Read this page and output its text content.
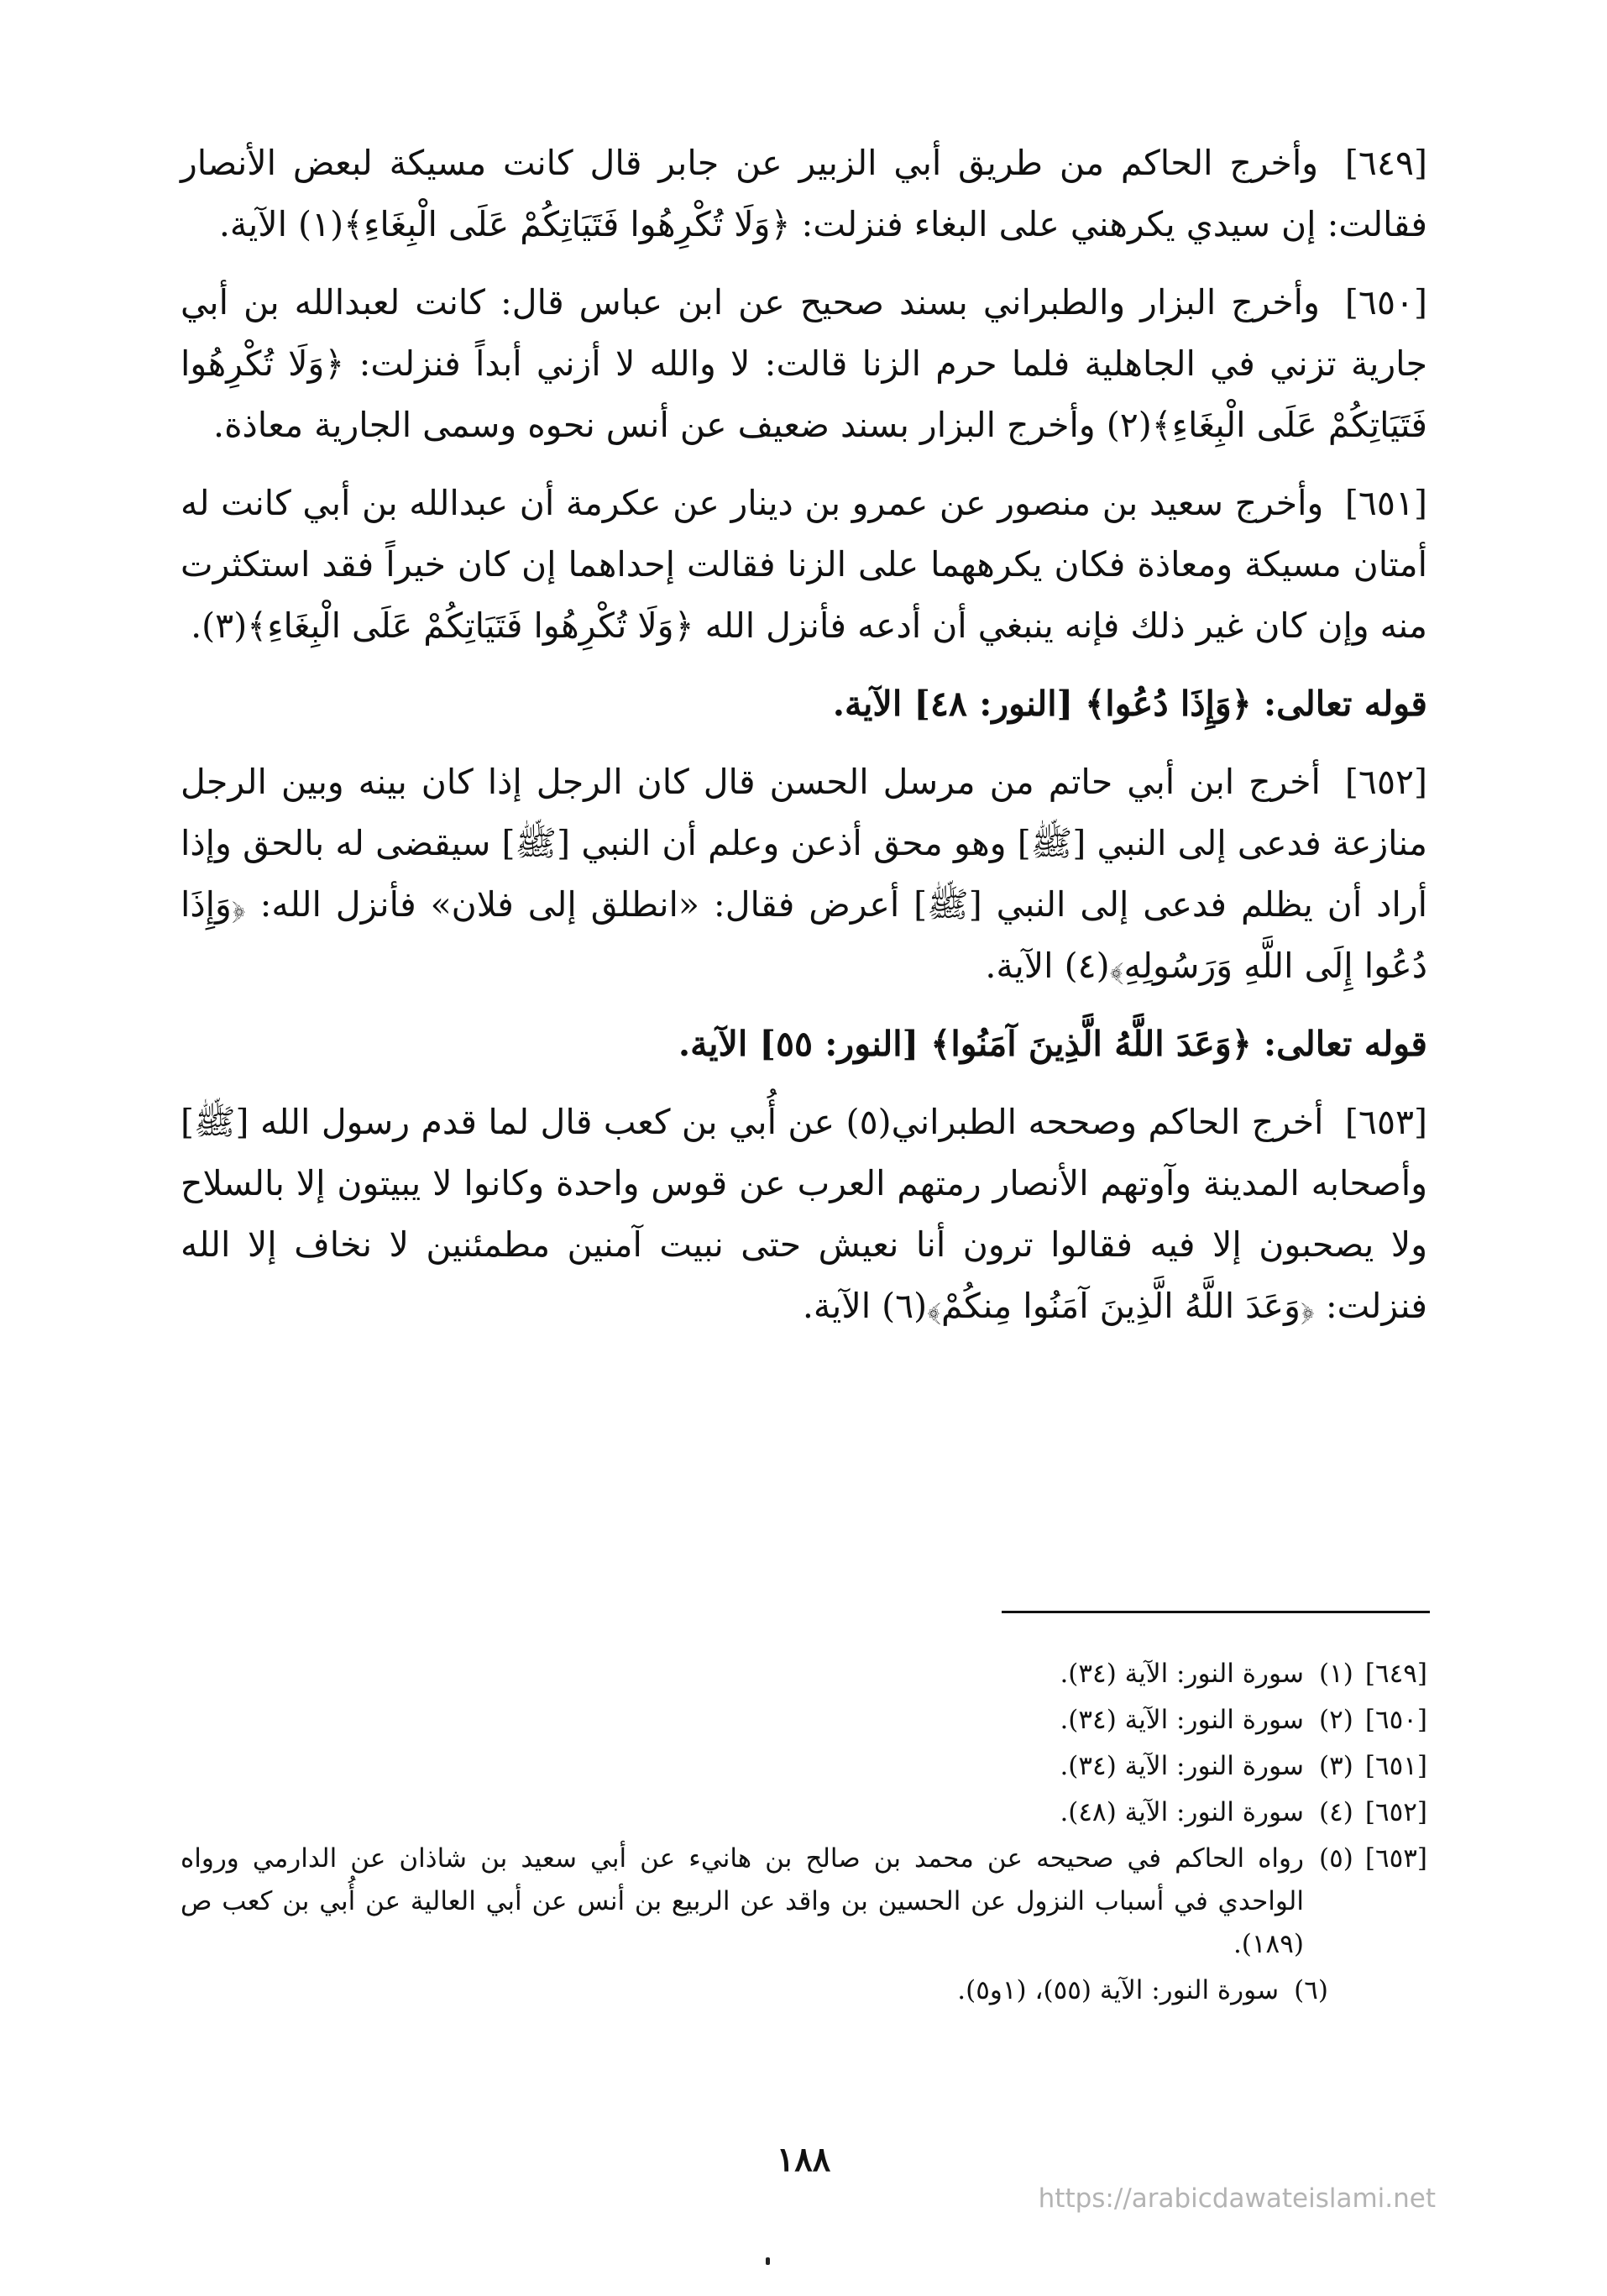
[٦٤٩] وأخرج الحاكم من طريق أبي الزبير عن جابر قال كانت مسيكة لبعض الأنصار فقالت: إن سيدي يكرهني على البغاء فنزلت: ﴿وَلَا تُكْرِهُوا فَتَيَاتِكُمْ عَلَى الْبِغَاءِ﴾(١) الآية.

[٦٥٠] وأخرج البزار والطبراني بسند صحيح عن ابن عباس قال: كانت لعبدالله بن أبي جارية تزني في الجاهلية فلما حرم الزنا قالت: لا والله لا أزني أبداً فنزلت: ﴿وَلَا تُكْرِهُوا فَتَيَاتِكُمْ عَلَى الْبِغَاءِ﴾(٢) وأخرج البزار بسند ضعيف عن أنس نحوه وسمى الجارية معاذة.

[٦٥١] وأخرج سعيد بن منصور عن عمرو بن دينار عن عكرمة أن عبدالله بن أبي كانت له أمتان مسيكة ومعاذة فكان يكرههما على الزنا فقالت إحداهما إن كان خيراً فقد استكثرت منه وإن كان غير ذلك فإنه ينبغي أن أدعه فأنزل الله ﴿وَلَا تُكْرِهُوا فَتَيَاتِكُمْ عَلَى الْبِغَاءِ﴾(٣).

قوله تعالى: ﴿وَإِذَا دُعُوا﴾ [النور: ٤٨] الآية.

[٦٥٢] أخرج ابن أبي حاتم من مرسل الحسن قال كان الرجل إذا كان بينه وبين الرجل منازعة فدعى إلى النبي [ﷺ] وهو محق أذعن وعلم أن النبي [ﷺ] سيقضى له بالحق وإذا أراد أن يظلم فدعى إلى النبي [ﷺ] أعرض فقال: «انطلق إلى فلان» فأنزل الله: ﴿وَإِذَا دُعُوا إِلَى اللَّهِ وَرَسُولِهِ﴾(٤) الآية.

قوله تعالى: ﴿وَعَدَ اللَّهُ الَّذِينَ آمَنُوا﴾ [النور: ٥٥] الآية.

[٦٥٣] أخرج الحاكم وصححه الطبراني(٥) عن أُبي بن كعب قال لما قدم رسول الله [ﷺ] وأصحابه المدينة وآوتهم الأنصار رمتهم العرب عن قوس واحدة وكانوا لا يبيتون إلا بالسلاح ولا يصحبون إلا فيه فقالوا ترون أنا نعيش حتى نبيت آمنين مطمئنين لا نخاف إلا الله فنزلت: ﴿وَعَدَ اللَّهُ الَّذِينَ آمَنُوا مِنكُمْ﴾(٦) الآية.

[٦٤٩]
(١)
سورة النور: الآية (٣٤).
[٦٥٠]
(٢)
سورة النور: الآية (٣٤).
[٦٥١]
(٣)
سورة النور: الآية (٣٤).
[٦٥٢]
(٤)
سورة النور: الآية (٤٨).
[٦٥٣]
(٥)
رواه الحاكم في صحيحه عن محمد بن صالح بن هانيء عن أبي سعيد بن شاذان عن الدارمي ورواه الواحدي في أسباب النزول عن الحسين بن واقد عن الربيع بن أنس عن أبي العالية عن أُبي بن كعب ص (١٨٩).
(٦)
سورة النور: الآية (٥٥)، (١و٥).
١٨٨
https://arabicdawateislami.net
